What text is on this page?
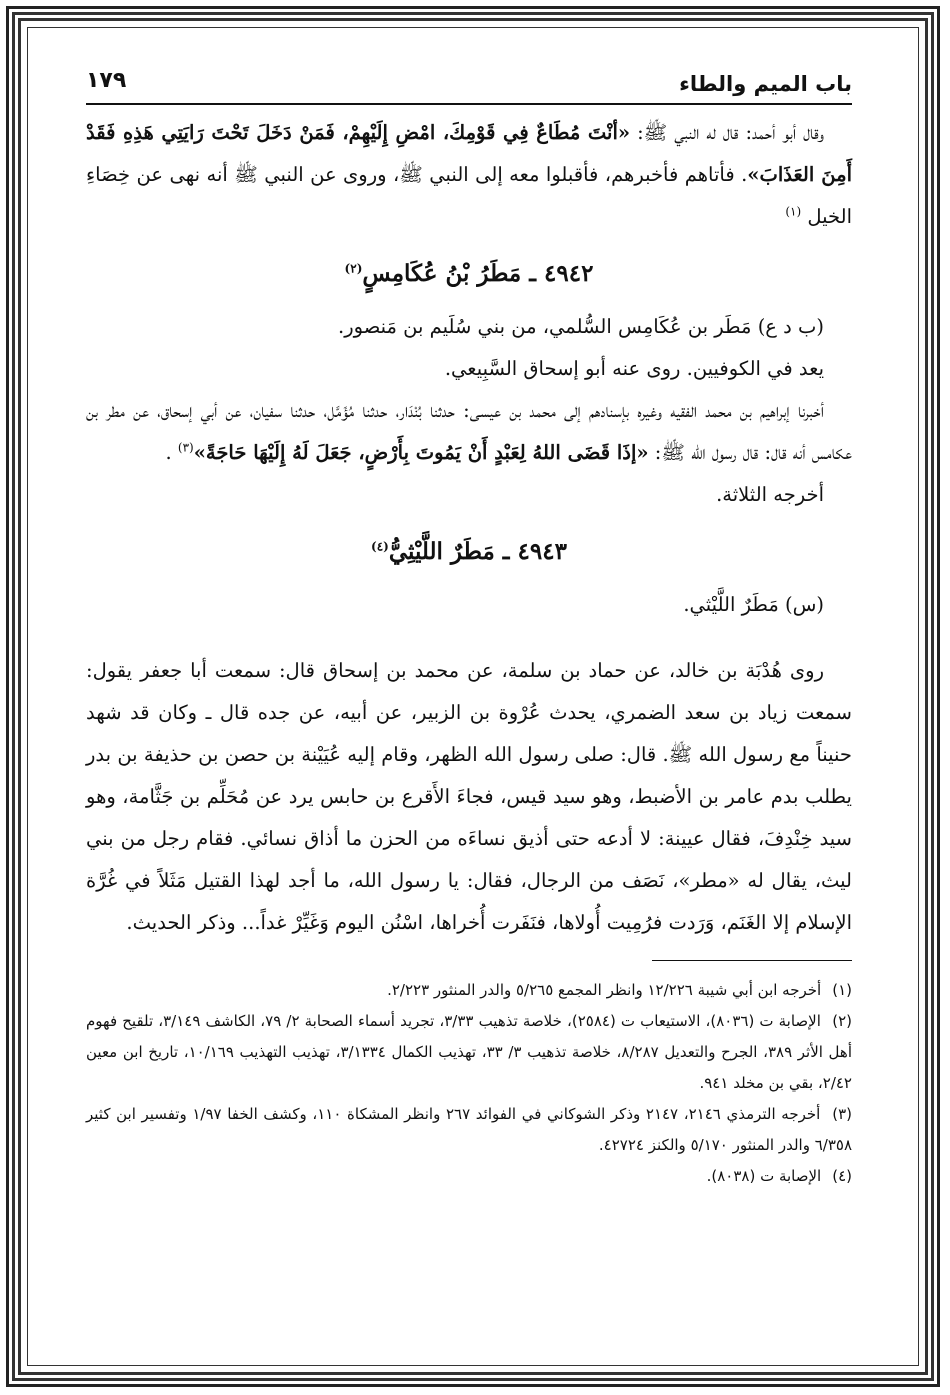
باب الميم والطاء
١٧٩

وقال أبو أحمد: قال له النبي ﷺ: «أنْتَ مُطَاعٌ فِي قَوْمِكَ، امْضِ إِلَيْهِمْ، فَمَنْ دَخَلَ تَحْتَ رَايَتِي هَذِهِ فَقَدْ أَمِنَ العَذَابَ». فأتاهم فأخبرهم، فأقبلوا معه إلى النبي ﷺ، وروى عن النبي ﷺ أنه نهى عن خِصَاءِ الخيل $^{(١)}$

٤٩٤٢ ـ مَطَرُ بْنُ عُكَامِسٍ$^{(٢)}$

(ب د ع) مَطَر بن عُكَامِس السُّلمي، من بني سُلَيم بن مَنصور.

يعد في الكوفيين. روى عنه أبو إسحاق السَّبِيعي.

أخبرنا إبراهيم بن محمد الفقيه وغيره بإسنادهم إلى محمد بن عيسى: حدثنا بُنْدَار، حدثنا مُؤَمَّل، حدثنا سفيان، عن أبي إسحاق، عن مطر بن عكامس أنه قال: قال رسول الله ﷺ: «إذَا قَضَى اللهُ لِعَبْدٍ أَنْ يَمُوتَ بِأَرْضٍ، جَعَلَ لَهُ إِلَيْهَا حَاجَةً»$^{(٣)}$ .

أخرجه الثلاثة.

٤٩٤٣ ـ مَطَرٌ اللَّيْثِيُّ$^{(٤)}$

(س) مَطَرٌ اللَّيْثي.

روى هُدْبَة بن خالد، عن حماد بن سلمة، عن محمد بن إسحاق قال: سمعت أبا جعفر يقول: سمعت زياد بن سعد الضمري، يحدث عُرْوة بن الزبير، عن أبيه، عن جده قال ـ وكان قد شهد حنيناً مع رسول الله ﷺ. قال: صلى رسول الله الظهر، وقام إليه عُيَيْنة بن حصن بن حذيفة بن بدر يطلب بدم عامر بن الأضبط، وهو سيد قيس، فجاءَ الأَقرع بن حابس يرد عن مُحَلِّم بن جَثَّامة، وهو سيد خِنْدِفَ، فقال عيينة: لا أدعه حتى أذيق نساءَه من الحزن ما أذاق نسائي. فقام رجل من بني ليث، يقال له «مطر»، نَصَف من الرجال، فقال: يا رسول الله، ما أجد لهذا القتيل مَثَلاً في غُرَّة الإسلام إلا الغَنَم، وَرَدت فرُمِيت أُولاها، فنَفَرت أُخراها، اسْنُن اليوم وَغَيِّرْ غداً... وذكر الحديث.

(١) أخرجه ابن أبي شيبة ١٢/٢٢٦ وانظر المجمع ٥/٢٦٥ والدر المنثور ٢/٢٢٣.

(٢) الإصابة ت (٨٠٣٦)، الاستيعاب ت (٢٥٨٤)، خلاصة تذهيب ٣/٣٣، تجريد أسماء الصحابة ٢/ ٧٩، الكاشف ٣/١٤٩، تلقيح فهوم أهل الأثر ٣٨٩، الجرح والتعديل ٨/٢٨٧، خلاصة تذهيب ٣/ ٣٣، تهذيب الكمال ٣/١٣٣٤، تهذيب التهذيب ١٠/١٦٩، تاريخ ابن معين ٢/٤٢، بقي بن مخلد ٩٤١.

(٣) أخرجه الترمذي ٢١٤٦، ٢١٤٧ وذكر الشوكاني في الفوائد ٢٦٧ وانظر المشكاة ١١٠، وكشف الخفا ١/٩٧ وتفسير ابن كثير ٦/٣٥٨ والدر المنثور ٥/١٧٠ والكنز ٤٢٧٢٤.

(٤) الإصابة ت (٨٠٣٨).
